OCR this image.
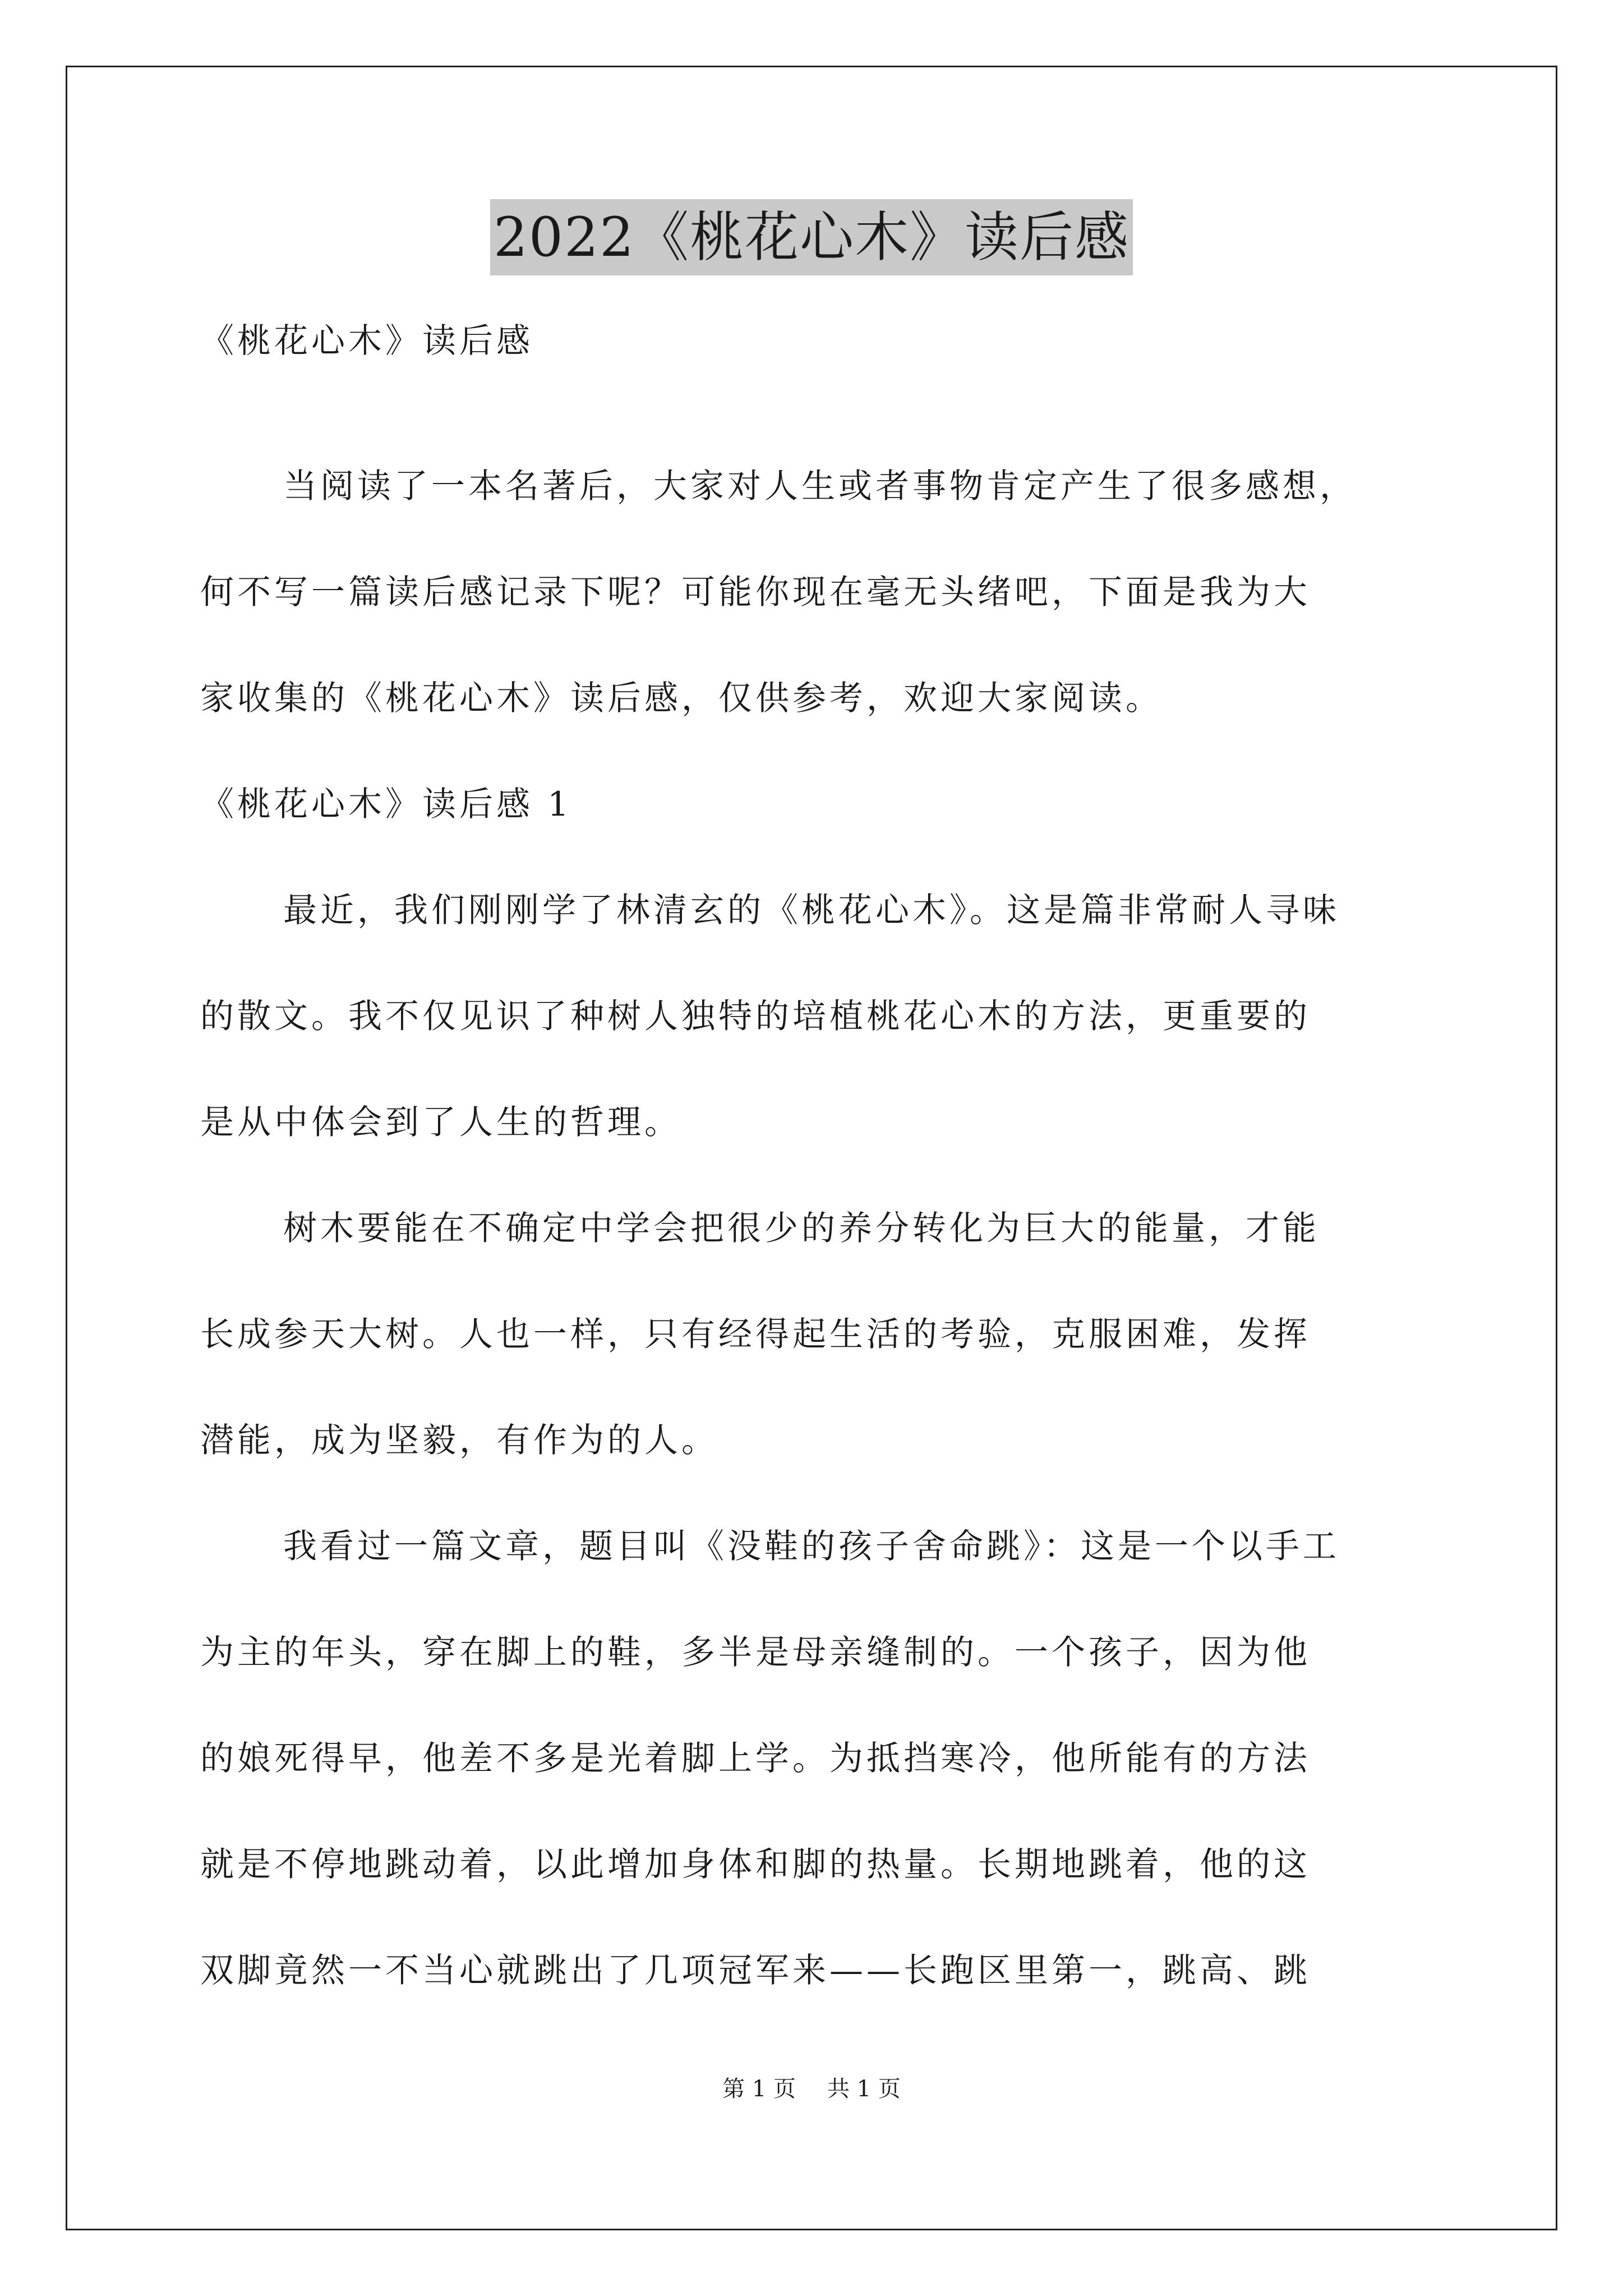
2022《桃花心木》读后感
《桃花心木》读后感
当阅读了一本名著后，大家对人生或者事物肯定产生了很多感想，
何不写一篇读后感记录下呢？可能你现在毫无头绪吧，下面是我为大
家收集的《桃花心木》读后感，仅供参考，欢迎大家阅读。
《桃花心木》读后感 1
最近，我们刚刚学了林清玄的《桃花心木》。这是篇非常耐人寻味
的散文。我不仅见识了种树人独特的培植桃花心木的方法，更重要的
是从中体会到了人生的哲理。
树木要能在不确定中学会把很少的养分转化为巨大的能量，才能
长成参天大树。人也一样，只有经得起生活的考验，克服困难，发挥
潜能，成为坚毅，有作为的人。
我看过一篇文章，题目叫《没鞋的孩子舍命跳》：这是一个以手工
为主的年头，穿在脚上的鞋，多半是母亲缝制的。一个孩子，因为他
的娘死得早，他差不多是光着脚上学。为抵挡寒冷，他所能有的方法
就是不停地跳动着，以此增加身体和脚的热量。长期地跳着，他的这
双脚竟然一不当心就跳出了几项冠军来——长跑区里第一，跳高、跳
第 1 页 共 1 页
